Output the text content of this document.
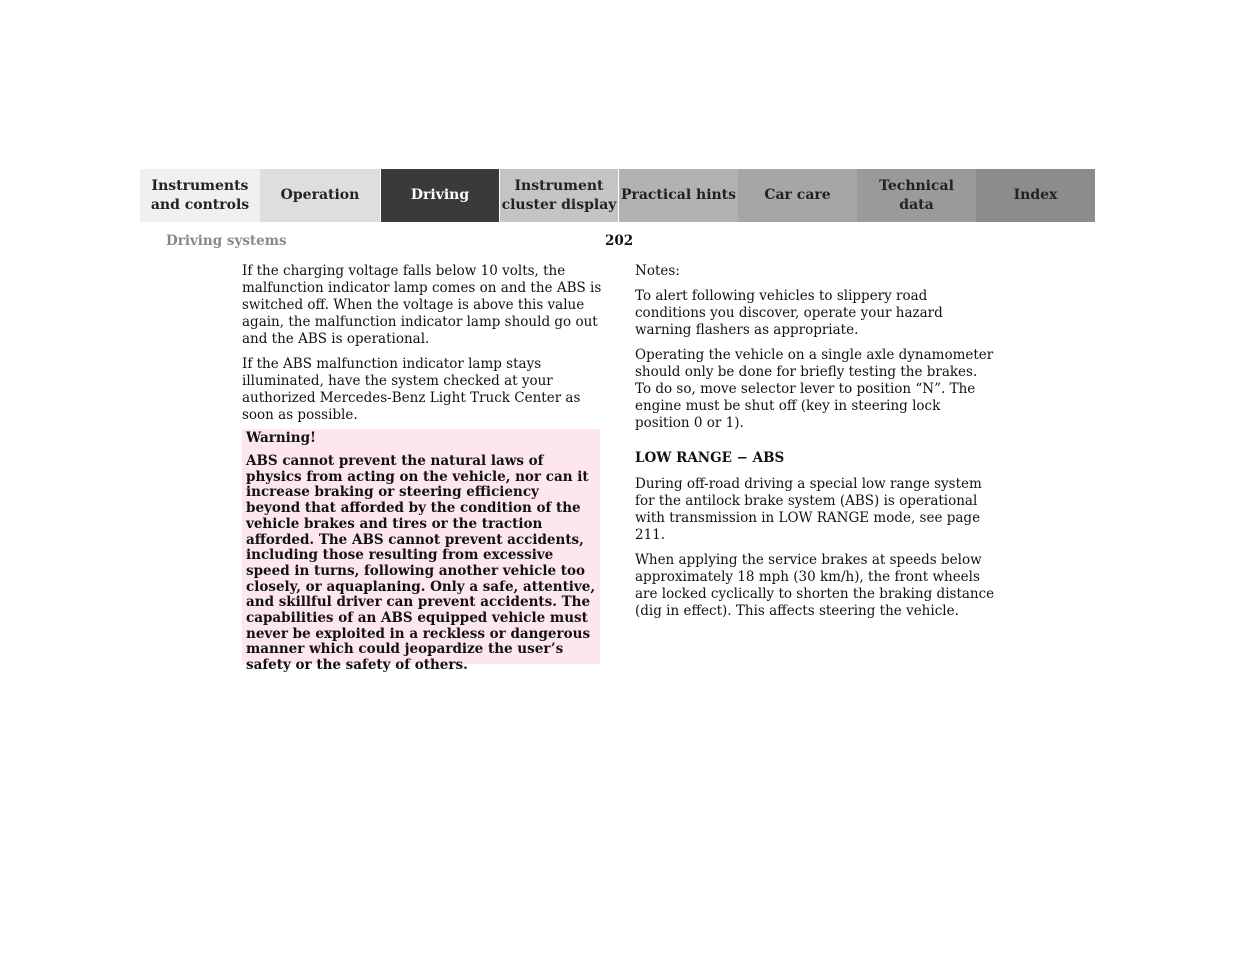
Instruments
and controls
Operation	Driving
Instrument
cluster display
Practical hints	Car care
Technical
data
Index
Driving systems	202

If the charging voltage falls below 10 volts, the malfunction indicator lamp comes on and the ABS is switched off. When the voltage is above this value again, the malfunction indicator lamp should go out and the ABS is operational.

If the ABS malfunction indicator lamp stays illuminated, have the system checked at your authorized Mercedes-Benz Light Truck Center as soon as possible.

Warning!

ABS cannot prevent the natural laws of physics from acting on the vehicle, nor can it increase braking or steering efficiency beyond that afforded by the condition of the vehicle brakes and tires or the traction afforded. The ABS cannot prevent accidents, including those resulting from excessive speed in turns, following another vehicle too closely, or aquaplaning. Only a safe, attentive, and skillful driver can prevent accidents. The capabilities of an ABS equipped vehicle must never be exploited in a reckless or dangerous manner which could jeopardize the user’s safety or the safety of others.

Notes:

To alert following vehicles to slippery road conditions you discover, operate your hazard warning flashers as appropriate.

Operating the vehicle on a single axle dynamometer should only be done for briefly testing the brakes. To do so, move selector lever to position “N”. The engine must be shut off (key in steering lock position 0 or 1).

LOW RANGE − ABS

During off-road driving a special low range system for the antilock brake system (ABS) is operational with transmission in LOW RANGE mode, see page 211.

When applying the service brakes at speeds below approximately 18 mph (30 km/h), the front wheels are locked cyclically to shorten the braking distance (dig in effect). This affects steering the vehicle.
